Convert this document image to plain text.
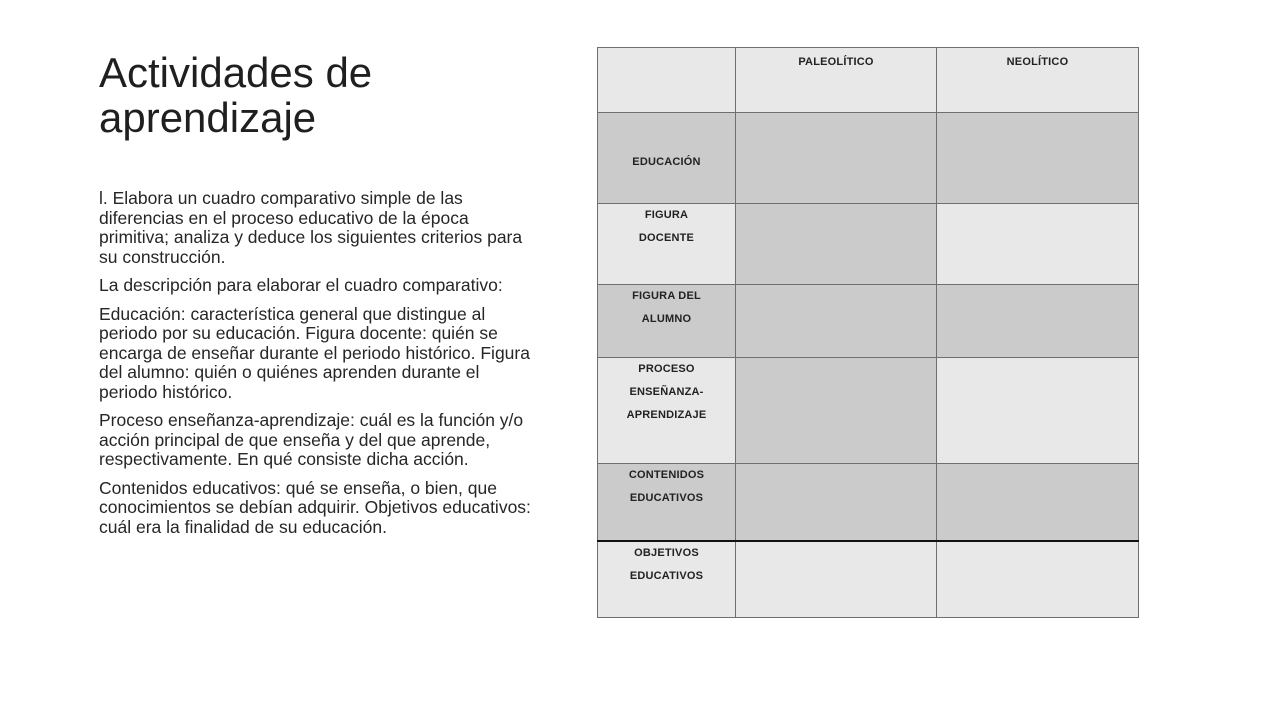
Actividades de aprendizaje

l. Elabora un cuadro comparativo simple de las diferencias en el proceso educativo de la época primitiva; analiza y deduce los siguientes criterios para su construcción.

La descripción para elaborar el cuadro comparativo:

Educación: característica general que distingue al periodo por su educación. Figura docente: quién se encarga de enseñar durante el periodo histórico. Figura del alumno: quién o quiénes aprenden durante el periodo histórico.

Proceso enseñanza-aprendizaje: cuál es la función y/o acción principal de que enseña y del que aprende, respectivamente. En qué consiste dicha acción.

Contenidos educativos: qué se enseña, o bien, que conocimientos se debían adquirir. Objetivos educativos: cuál era la finalidad de su educación.

	PALEOLÍTICO	NEOLÍTICO

EDUCACIÓN		

FIGURA
DOCENTE		

FIGURA DEL
ALUMNO		

PROCESO
ENSEÑANZA-
APRENDIZAJE		

CONTENIDOS
EDUCATIVOS		

OBJETIVOS
EDUCATIVOS		
